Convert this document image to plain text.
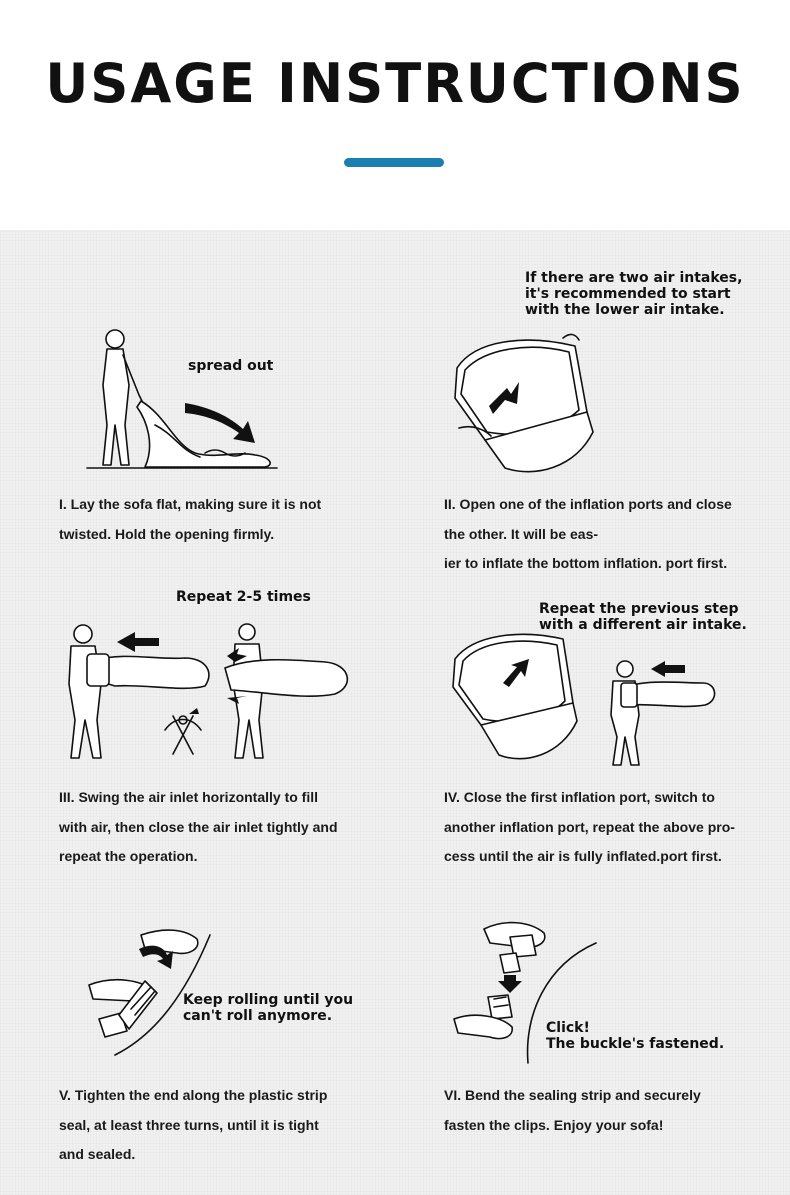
USAGE INSTRUCTIONS
spread out
I. Lay the sofa flat, making sure it is not
twisted. Hold the opening firmly.
If there are two air intakes,
it's recommended to start
with the lower air intake.
II. Open one of the inflation ports and close
the other. It will be eas-
ier to inflate the bottom inflation. port first.
Repeat 2-5 times
III. Swing the air inlet horizontally to fill
with air, then close the air inlet tightly and
repeat the operation.
Repeat the previous step
with a different air intake.
IV. Close the first inflation port, switch to
another inflation port, repeat the above pro-
cess until the air is fully inflated.port first.
Keep rolling until you
can't roll anymore.
V. Tighten the end along the plastic strip
seal, at least three turns, until it is tight
and sealed.
Click!
The buckle's fastened.
VI. Bend the sealing strip and securely
fasten the clips. Enjoy your sofa!
